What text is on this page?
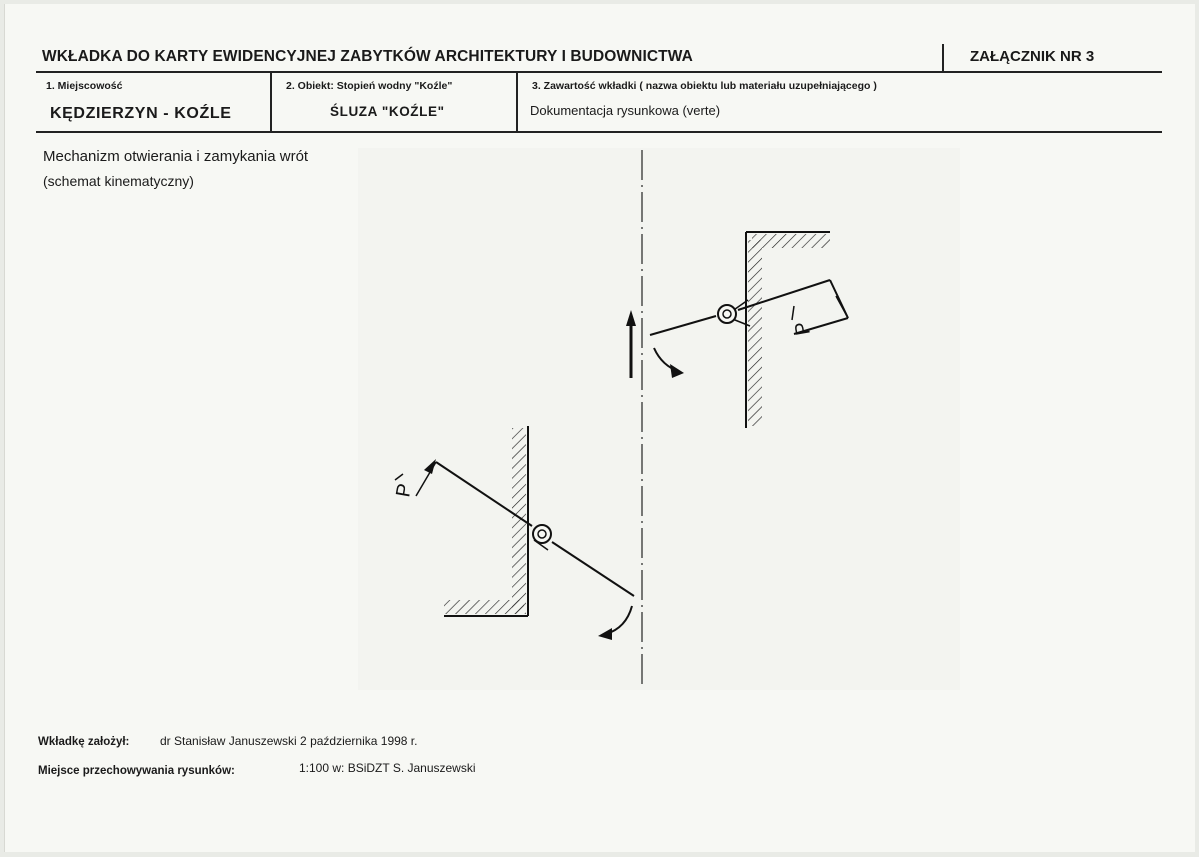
WKŁADKA DO KARTY EWIDENCYJNEJ ZABYTKÓW ARCHITEKTURY I BUDOWNICTWA	ZAŁĄCZNIK NR 3
1. Miejscowość
KĘDZIERZYN - KOŹLE
2. Obiekt: Stopień wodny "Koźle"
ŚLUZA "KOŹLE"
3. Zawartość wkładki ( nazwa obiektu lub materiału uzupełniającego )
Dokumentacja rysunkowa (verte)
Mechanizm otwierania i zamykania wrót
(schemat kinematyczny)
P
P
Wkładkę założył:	dr Stanisław Januszewski 2 października 1998 r.
Miejsce przechowywania rysunków:	1:100 w: BSiDZT S. Januszewski
